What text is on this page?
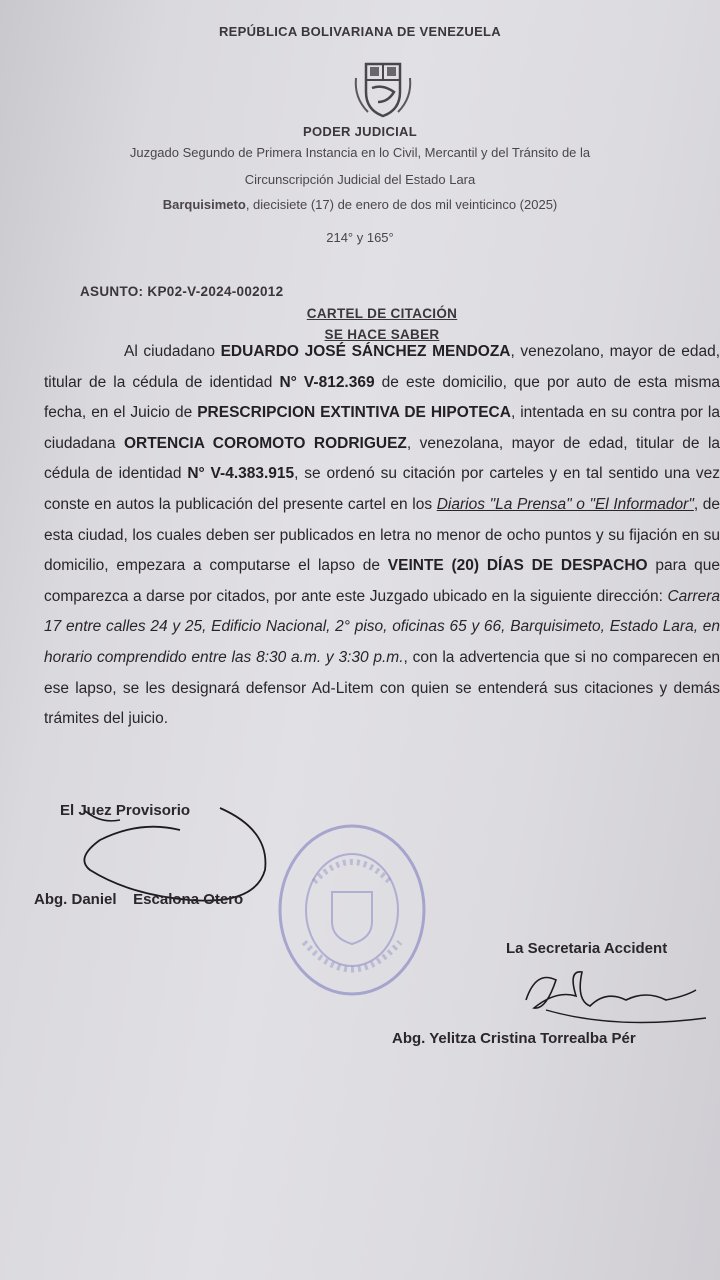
REPÚBLICA BOLIVARIANA DE VENEZUELA
PODER JUDICIAL
Juzgado Segundo de Primera Instancia en lo Civil, Mercantil y del Tránsito de la
Circunscripción Judicial del Estado Lara
Barquisimeto, diecisiete (17) de enero de dos mil veinticinco (2025)
214° y 165°
ASUNTO: KP02-V-2024-002012
CARTEL DE CITACIÓN
SE HACE SABER
Al ciudadano EDUARDO JOSÉ SÁNCHEZ MENDOZA, venezolano, mayor de edad, titular de la cédula de identidad N° V-812.369 de este domicilio, que por auto de esta misma fecha, en el Juicio de PRESCRIPCION EXTINTIVA DE HIPOTECA, intentada en su contra por la ciudadana ORTENCIA COROMOTO RODRIGUEZ, venezolana, mayor de edad, titular de la cédula de identidad N° V-4.383.915, se ordenó su citación por carteles y en tal sentido una vez conste en autos la publicación del presente cartel en los Diarios "La Prensa" o "El Informador", de esta ciudad, los cuales deben ser publicados en letra no menor de ocho puntos y su fijación en su domicilio, empezara a computarse el lapso de VEINTE (20) DÍAS DE DESPACHO para que comparezca a darse por citados, por ante este Juzgado ubicado en la siguiente dirección: Carrera 17 entre calles 24 y 25, Edificio Nacional, 2° piso, oficinas 65 y 66, Barquisimeto, Estado Lara, en horario comprendido entre las 8:30 a.m. y 3:30 p.m., con la advertencia que si no comparecen en ese lapso, se les designará defensor Ad-Litem con quien se entenderá sus citaciones y demás trámites del juicio.
El Juez Provisorio
Abg. Daniel    Escalona Otero
La Secretaria Accident
Abg. Yelitza Cristina Torrealba Pér
